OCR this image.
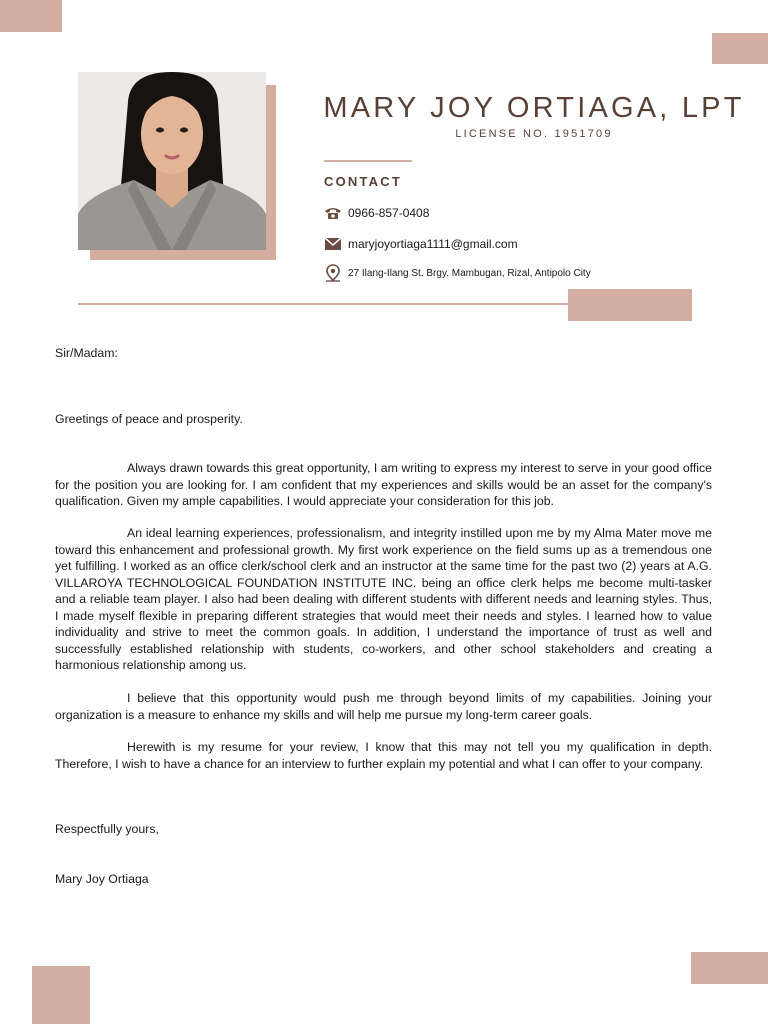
MARY JOY ORTIAGA, LPT
LICENSE NO. 1951709
CONTACT
0966-857-0408
maryjoyortiaga1111@gmail.com
27 Ilang-Ilang St. Brgy. Mambugan, Rizal, Antipolo City
Sir/Madam:
Greetings of peace and prosperity.

Always drawn towards this great opportunity, I am writing to express my interest to serve in your good office for the position you are looking for. I am confident that my experiences and skills would be an asset for the company's qualification. Given my ample capabilities. I would appreciate your consideration for this job.

An ideal learning experiences, professionalism, and integrity instilled upon me by my Alma Mater move me toward this enhancement and professional growth. My first work experience on the field sums up as a tremendous one yet fulfilling. I worked as an office clerk/school clerk and an instructor at the same time for the past two (2) years at A.G. VILLAROYA TECHNOLOGICAL FOUNDATION INSTITUTE INC. being an office clerk helps me become multi-tasker and a reliable team player. I also had been dealing with different students with different needs and learning styles. Thus, I made myself flexible in preparing different strategies that would meet their needs and styles. I learned how to value individuality and strive to meet the common goals. In addition, I understand the importance of trust as well and successfully established relationship with students, co-workers, and other school stakeholders and creating a harmonious relationship among us.

I believe that this opportunity would push me through beyond limits of my capabilities. Joining your organization is a measure to enhance my skills and will help me pursue my long-term career goals.

Herewith is my resume for your review, I know that this may not tell you my qualification in depth. Therefore, I wish to have a chance for an interview to further explain my potential and what I can offer to your company.

Respectfully yours,
Mary Joy Ortiaga
